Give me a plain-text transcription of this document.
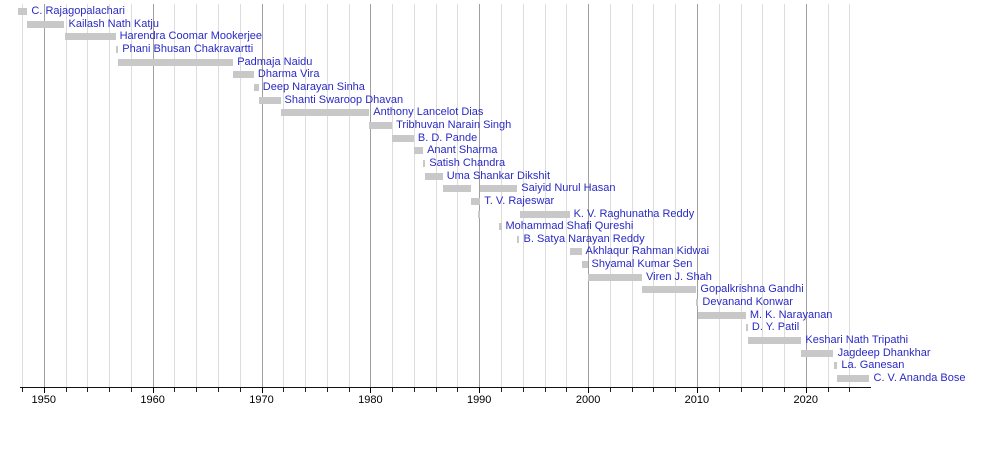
C. Rajagopalachari
Kailash Nath Katju
Harendra Coomar Mookerjee
Phani Bhusan Chakravartti
Padmaja Naidu
Dharma Vira
Deep Narayan Sinha
Shanti Swaroop Dhavan
Anthony Lancelot Dias
Tribhuvan Narain Singh
B. D. Pande
Anant Sharma
Satish Chandra
Uma Shankar Dikshit
Saiyid Nurul Hasan
T. V. Rajeswar
K. V. Raghunatha Reddy
Mohammad Shafi Qureshi
B. Satya Narayan Reddy
Akhlaqur Rahman Kidwai
Shyamal Kumar Sen
Viren J. Shah
Gopalkrishna Gandhi
Devanand Konwar
M. K. Narayanan
D. Y. Patil
Keshari Nath Tripathi
Jagdeep Dhankhar
La. Ganesan
C. V. Ananda Bose
1950	1960	1970	1980	1990	2000	2010	2020
